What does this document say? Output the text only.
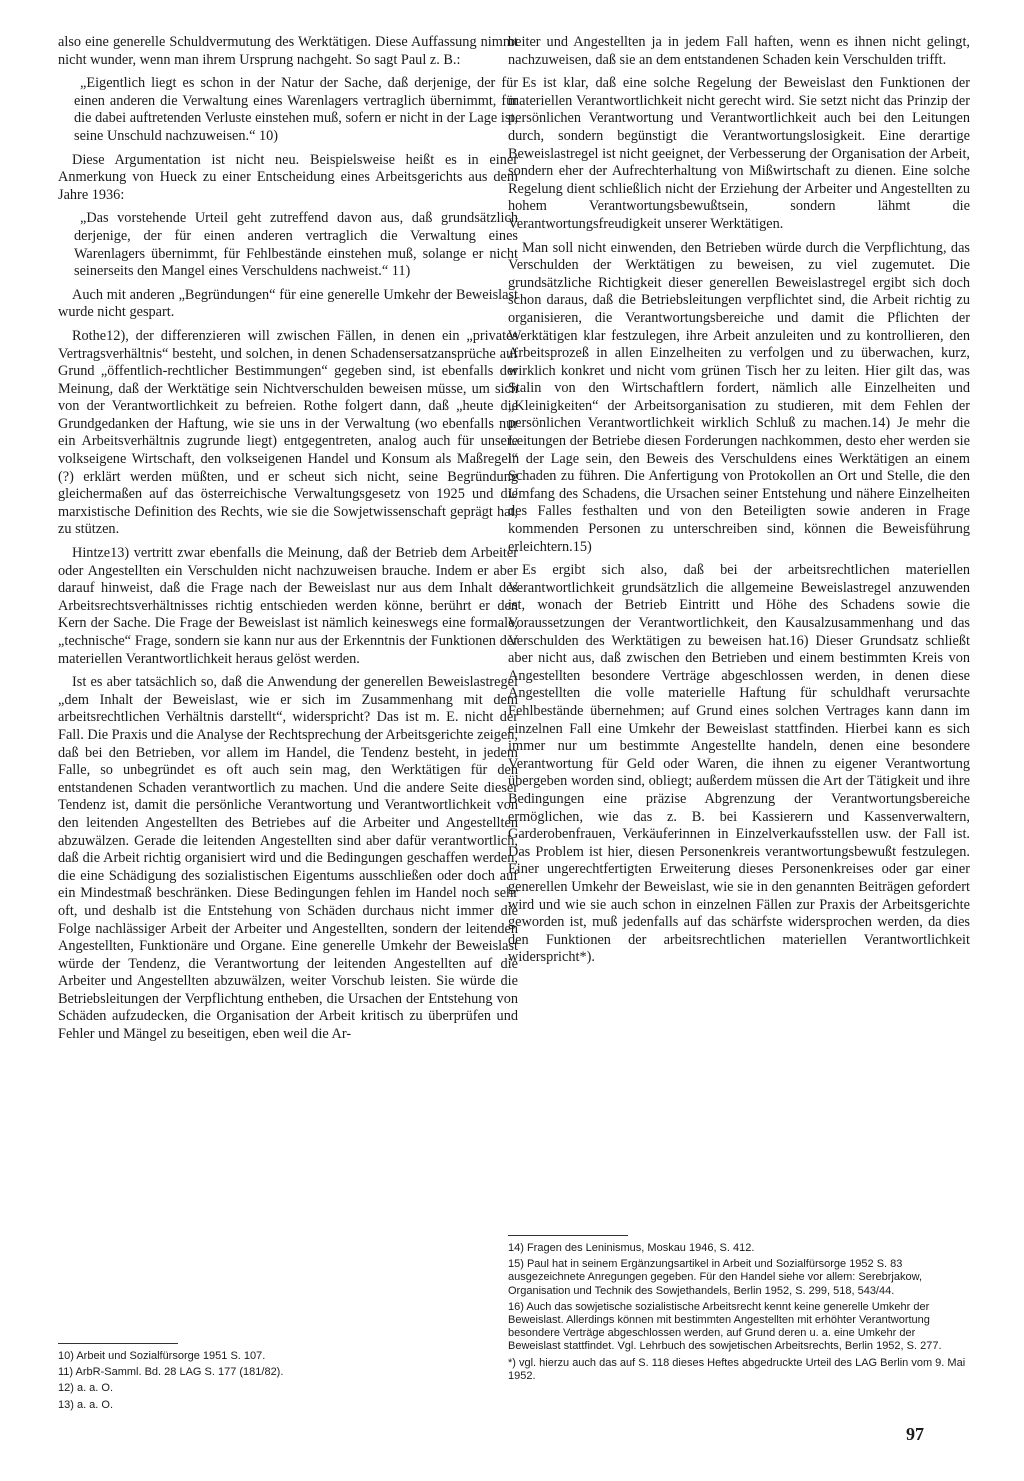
also eine generelle Schuldvermutung des Werktätigen. Diese Auffassung nimmt nicht wunder, wenn man ihrem Ursprung nachgeht. So sagt Paul z. B.:

„Eigentlich liegt es schon in der Natur der Sache, daß derjenige, der für einen anderen die Verwaltung eines Warenlagers vertraglich übernimmt, für die dabei auftretenden Verluste einstehen muß, sofern er nicht in der Lage ist, seine Unschuld nachzuweisen.“ 10)

Diese Argumentation ist nicht neu. Beispielsweise heißt es in einer Anmerkung von Hueck zu einer Entscheidung eines Arbeitsgerichts aus dem Jahre 1936:

„Das vorstehende Urteil geht zutreffend davon aus, daß grundsätzlich derjenige, der für einen anderen vertraglich die Verwaltung eines Warenlagers übernimmt, für Fehlbestände einstehen muß, solange er nicht seinerseits den Mangel eines Verschuldens nachweist.“ 11)

Auch mit anderen „Begründungen“ für eine generelle Umkehr der Beweislast wurde nicht gespart.

Rothe12), der differenzieren will zwischen Fällen, in denen ein „privates Vertragsverhältnis“ besteht, und solchen, in denen Schadensersatzansprüche auf Grund „öffentlich-rechtlicher Bestimmungen“ gegeben sind, ist ebenfalls der Meinung, daß der Werktätige sein Nichtverschulden beweisen müsse, um sich von der Verantwortlichkeit zu befreien. Rothe folgert dann, daß „heute die Grundgedanken der Haftung, wie sie uns in der Verwaltung (wo ebenfalls nur ein Arbeitsverhältnis zugrunde liegt) entgegentreten, analog auch für unsere volkseigene Wirtschaft, den volkseigenen Handel und Konsum als Maßregel“ (?) erklärt werden müßten, und er scheut sich nicht, seine Begründung gleichermaßen auf das österreichische Verwaltungsgesetz von 1925 und die marxistische Definition des Rechts, wie sie die Sowjetwissenschaft geprägt hat, zu stützen.

Hintze13) vertritt zwar ebenfalls die Meinung, daß der Betrieb dem Arbeiter oder Angestellten ein Verschulden nicht nachzuweisen brauche. Indem er aber darauf hinweist, daß die Frage nach der Beweislast nur aus dem Inhalt des Arbeitsrechtsverhältnisses richtig entschieden werden könne, berührt er den Kern der Sache. Die Frage der Beweislast ist nämlich keineswegs eine formale, „technische“ Frage, sondern sie kann nur aus der Erkenntnis der Funktionen der materiellen Verantwortlichkeit heraus gelöst werden.

Ist es aber tatsächlich so, daß die Anwendung der generellen Beweislastregel „dem Inhalt der Beweislast, wie er sich im Zusammenhang mit dem arbeitsrechtlichen Verhältnis darstellt“, widerspricht? Das ist m. E. nicht der Fall. Die Praxis und die Analyse der Rechtsprechung der Arbeitsgerichte zeigen, daß bei den Betrieben, vor allem im Handel, die Tendenz besteht, in jedem Falle, so unbegründet es oft auch sein mag, den Werktätigen für den entstandenen Schaden verantwortlich zu machen. Und die andere Seite dieser Tendenz ist, damit die persönliche Verantwortung und Verantwortlichkeit von den leitenden Angestellten des Betriebes auf die Arbeiter und Angestellten abzuwälzen. Gerade die leitenden Angestellten sind aber dafür verantwortlich, daß die Arbeit richtig organisiert wird und die Bedingungen geschaffen werden, die eine Schädigung des sozialistischen Eigentums ausschließen oder doch auf ein Mindestmaß beschränken. Diese Bedingungen fehlen im Handel noch sehr oft, und deshalb ist die Entstehung von Schäden durchaus nicht immer die Folge nachlässiger Arbeit der Arbeiter und Angestellten, sondern der leitenden Angestellten, Funktionäre und Organe. Eine generelle Umkehr der Beweislast würde der Tendenz, die Verantwortung der leitenden Angestellten auf die Arbeiter und Angestellten abzuwälzen, weiter Vorschub leisten. Sie würde die Betriebsleitungen der Verpflichtung entheben, die Ursachen der Entstehung von Schäden aufzudecken, die Organisation der Arbeit kritisch zu überprüfen und Fehler und Mängel zu beseitigen, eben weil die Ar-

beiter und Angestellten ja in jedem Fall haften, wenn es ihnen nicht gelingt, nachzuweisen, daß sie an dem entstandenen Schaden kein Verschulden trifft.

Es ist klar, daß eine solche Regelung der Beweislast den Funktionen der materiellen Verantwortlichkeit nicht gerecht wird. Sie setzt nicht das Prinzip der persönlichen Verantwortung und Verantwortlichkeit auch bei den Leitungen durch, sondern begünstigt die Verantwortungslosigkeit. Eine derartige Beweislastregel ist nicht geeignet, der Verbesserung der Organisation der Arbeit, sondern eher der Aufrechterhaltung von Mißwirtschaft zu dienen. Eine solche Regelung dient schließlich nicht der Erziehung der Arbeiter und Angestellten zu hohem Verantwortungsbewußtsein, sondern lähmt die Verantwortungsfreudigkeit unserer Werktätigen.

Man soll nicht einwenden, den Betrieben würde durch die Verpflichtung, das Verschulden der Werktätigen zu beweisen, zu viel zugemutet. Die grundsätzliche Richtigkeit dieser generellen Beweislastregel ergibt sich doch schon daraus, daß die Betriebsleitungen verpflichtet sind, die Arbeit richtig zu organisieren, die Verantwortungsbereiche und damit die Pflichten der Werktätigen klar festzulegen, ihre Arbeit anzuleiten und zu kontrollieren, den Arbeitsprozeß in allen Einzelheiten zu verfolgen und zu überwachen, kurz, wirklich konkret und nicht vom grünen Tisch her zu leiten. Hier gilt das, was Stalin von den Wirtschaftlern fordert, nämlich alle Einzelheiten und „Kleinigkeiten“ der Arbeitsorganisation zu studieren, mit dem Fehlen der persönlichen Verantwortlichkeit wirklich Schluß zu machen.14) Je mehr die Leitungen der Betriebe diesen Forderungen nachkommen, desto eher werden sie in der Lage sein, den Beweis des Verschuldens eines Werktätigen an einem Schaden zu führen. Die Anfertigung von Protokollen an Ort und Stelle, die den Umfang des Schadens, die Ursachen seiner Entstehung und nähere Einzelheiten des Falles festhalten und von den Beteiligten sowie anderen in Frage kommenden Personen zu unterschreiben sind, können die Beweisführung erleichtern.15)

Es ergibt sich also, daß bei der arbeitsrechtlichen materiellen Verantwortlichkeit grundsätzlich die allgemeine Beweislastregel anzuwenden ist, wonach der Betrieb Eintritt und Höhe des Schadens sowie die Voraussetzungen der Verantwortlichkeit, den Kausalzusammenhang und das Verschulden des Werktätigen zu beweisen hat.16) Dieser Grundsatz schließt aber nicht aus, daß zwischen den Betrieben und einem bestimmten Kreis von Angestellten besondere Verträge abgeschlossen werden, in denen diese Angestellten die volle materielle Haftung für schuldhaft verursachte Fehlbestände übernehmen; auf Grund eines solchen Vertrages kann dann im einzelnen Fall eine Umkehr der Beweislast stattfinden. Hierbei kann es sich immer nur um bestimmte Angestellte handeln, denen eine besondere Verantwortung für Geld oder Waren, die ihnen zu eigener Verantwortung übergeben worden sind, obliegt; außerdem müssen die Art der Tätigkeit und ihre Bedingungen eine präzise Abgrenzung der Verantwortungsbereiche ermöglichen, wie das z. B. bei Kassierern und Kassenverwaltern, Garderobenfrauen, Verkäuferinnen in Einzelverkaufsstellen usw. der Fall ist. Das Problem ist hier, diesen Personenkreis verantwortungsbewußt festzulegen. Einer ungerechtfertigten Erweiterung dieses Personenkreises oder gar einer generellen Umkehr der Beweislast, wie sie in den genannten Beiträgen gefordert wird und wie sie auch schon in einzelnen Fällen zur Praxis der Arbeitsgerichte geworden ist, muß jedenfalls auf das schärfste widersprochen werden, da dies den Funktionen der arbeitsrechtlichen materiellen Verantwortlichkeit widerspricht*).

10) Arbeit und Sozialfürsorge 1951 S. 107.

11) ArbR-Samml. Bd. 28 LAG S. 177 (181/82).

12) a. a. O.

13) a. a. O.

14) Fragen des Leninismus, Moskau 1946, S. 412.

15) Paul hat in seinem Ergänzungsartikel in Arbeit und Sozialfürsorge 1952 S. 83 ausgezeichnete Anregungen gegeben. Für den Handel siehe vor allem: Serebrjakow, Organisation und Technik des Sowjethandels, Berlin 1952, S. 299, 518, 543/44.

16) Auch das sowjetische sozialistische Arbeitsrecht kennt keine generelle Umkehr der Beweislast. Allerdings können mit bestimmten Angestellten mit erhöhter Verantwortung besondere Verträge abgeschlossen werden, auf Grund deren u. a. eine Umkehr der Beweislast stattfindet. Vgl. Lehrbuch des sowjetischen Arbeitsrechts, Berlin 1952, S. 277.

*) vgl. hierzu auch das auf S. 118 dieses Heftes abgedruckte Urteil des LAG Berlin vom 9. Mai 1952.

97
